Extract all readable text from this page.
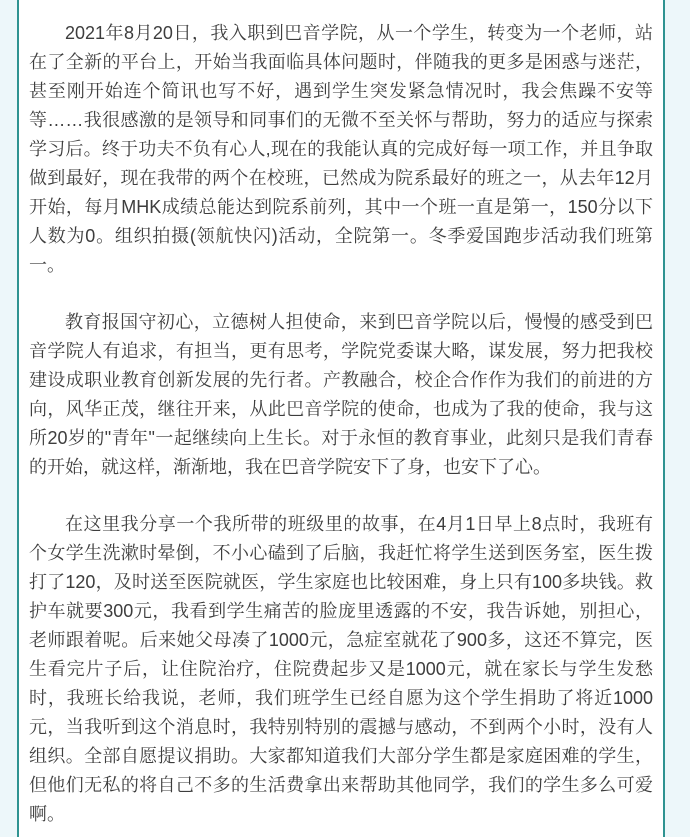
2021年8月20日，我入职到巴音学院，从一个学生，转变为一个老师，站在了全新的平台上，开始当我面临具体问题时，伴随我的更多是困惑与迷茫，甚至刚开始连个简讯也写不好，遇到学生突发紧急情况时，我会焦躁不安等等……我很感激的是领导和同事们的无微不至关怀与帮助，努力的适应与探索学习后。终于功夫不负有心人,现在的我能认真的完成好每一项工作，并且争取做到最好，现在我带的两个在校班，已然成为院系最好的班之一，从去年12月开始，每月MHK成绩总能达到院系前列，其中一个班一直是第一，150分以下人数为0。组织拍摄(领航快闪)活动，全院第一。冬季爱国跑步活动我们班第一。

教育报国守初心，立德树人担使命，来到巴音学院以后，慢慢的感受到巴音学院人有追求，有担当，更有思考，学院党委谋大略，谋发展，努力把我校建设成职业教育创新发展的先行者。产教融合，校企合作作为我们的前进的方向，风华正茂，继往开来，从此巴音学院的使命，也成为了我的使命，我与这所20岁的"青年"一起继续向上生长。对于永恒的教育事业，此刻只是我们青春的开始，就这样，渐渐地，我在巴音学院安下了身，也安下了心。

在这里我分享一个我所带的班级里的故事，在4月1日早上8点时，我班有个女学生洗漱时晕倒，不小心磕到了后脑，我赶忙将学生送到医务室，医生拨打了120，及时送至医院就医，学生家庭也比较困难，身上只有100多块钱。救护车就要300元，我看到学生痛苦的脸庞里透露的不安，我告诉她，别担心，老师跟着呢。后来她父母凑了1000元，急症室就花了900多，这还不算完，医生看完片子后，让住院治疗，住院费起步又是1000元，就在家长与学生发愁时，我班长给我说，老师，我们班学生已经自愿为这个学生捐助了将近1000元，当我听到这个消息时，我特别特别的震撼与感动，不到两个小时，没有人组织。全部自愿提议捐助。大家都知道我们大部分学生都是家庭困难的学生，但他们无私的将自己不多的生活费拿出来帮助其他同学，我们的学生多么可爱啊。
